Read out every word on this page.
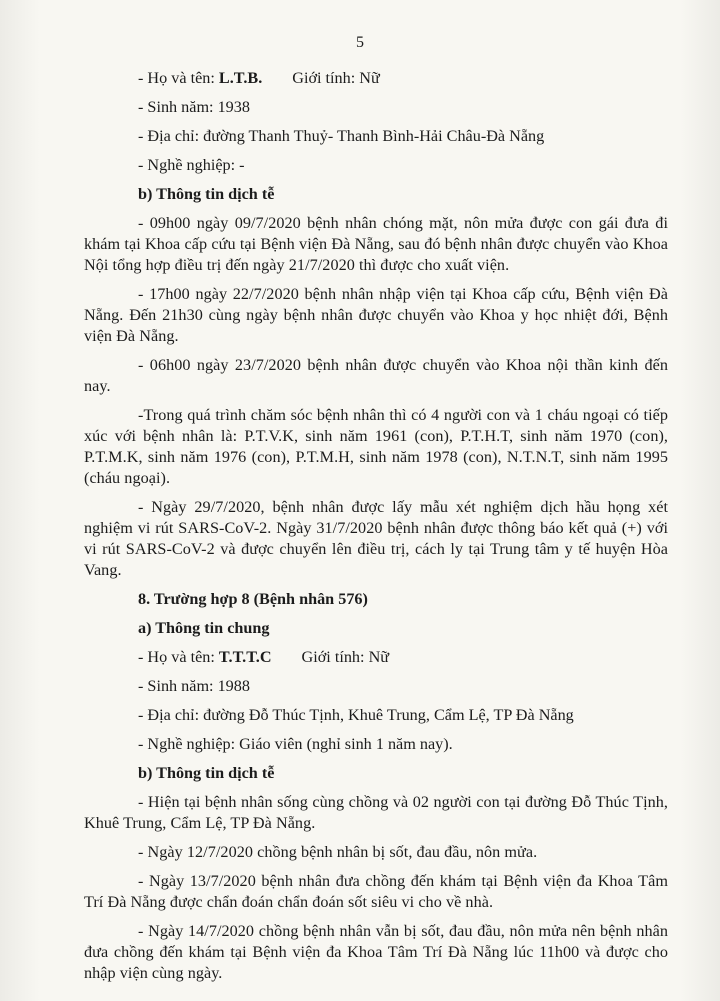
5

- Họ và tên: L.T.B. Giới tính: Nữ

- Sinh năm: 1938

- Địa chỉ: đường Thanh Thuỷ- Thanh Bình-Hải Châu-Đà Nẵng

- Nghề nghiệp: -

b) Thông tin dịch tễ

- 09h00 ngày 09/7/2020 bệnh nhân chóng mặt, nôn mửa được con gái đưa đi khám tại Khoa cấp cứu tại Bệnh viện Đà Nẵng, sau đó bệnh nhân được chuyển vào Khoa Nội tổng hợp điều trị đến ngày 21/7/2020 thì được cho xuất viện.

- 17h00 ngày 22/7/2020 bệnh nhân nhập viện tại Khoa cấp cứu, Bệnh viện Đà Nẵng. Đến 21h30 cùng ngày bệnh nhân được chuyển vào Khoa y học nhiệt đới, Bệnh viện Đà Nẵng.

- 06h00 ngày 23/7/2020 bệnh nhân được chuyển vào Khoa nội thần kinh đến nay.

-Trong quá trình chăm sóc bệnh nhân thì có 4 người con và 1 cháu ngoại có tiếp xúc với bệnh nhân là: P.T.V.K, sinh năm 1961 (con), P.T.H.T, sinh năm 1970 (con), P.T.M.K, sinh năm 1976 (con), P.T.M.H, sinh năm 1978 (con), N.T.N.T, sinh năm 1995 (cháu ngoại).

- Ngày 29/7/2020, bệnh nhân được lấy mẫu xét nghiệm dịch hầu họng xét nghiệm vi rút SARS-CoV-2. Ngày 31/7/2020 bệnh nhân được thông báo kết quả (+) với vi rút SARS-CoV-2 và được chuyển lên điều trị, cách ly tại Trung tâm y tế huyện Hòa Vang.

8. Trường hợp 8 (Bệnh nhân 576)

a) Thông tin chung

- Họ và tên: T.T.T.C Giới tính: Nữ

- Sinh năm: 1988

- Địa chỉ: đường Đỗ Thúc Tịnh, Khuê Trung, Cẩm Lệ, TP Đà Nẵng

- Nghề nghiệp: Giáo viên (nghỉ sinh 1 năm nay).

b) Thông tin dịch tễ

- Hiện tại bệnh nhân sống cùng chồng và 02 người con tại đường Đỗ Thúc Tịnh, Khuê Trung, Cẩm Lệ, TP Đà Nẵng.

- Ngày 12/7/2020 chồng bệnh nhân bị sốt, đau đầu, nôn mửa.

- Ngày 13/7/2020 bệnh nhân đưa chồng đến khám tại Bệnh viện đa Khoa Tâm Trí Đà Nẵng được chẩn đoán chẩn đoán sốt siêu vi cho về nhà.

- Ngày 14/7/2020 chồng bệnh nhân vẫn bị sốt, đau đầu, nôn mửa nên bệnh nhân đưa chồng đến khám tại Bệnh viện đa Khoa Tâm Trí Đà Nẵng lúc 11h00 và được cho nhập viện cùng ngày.
